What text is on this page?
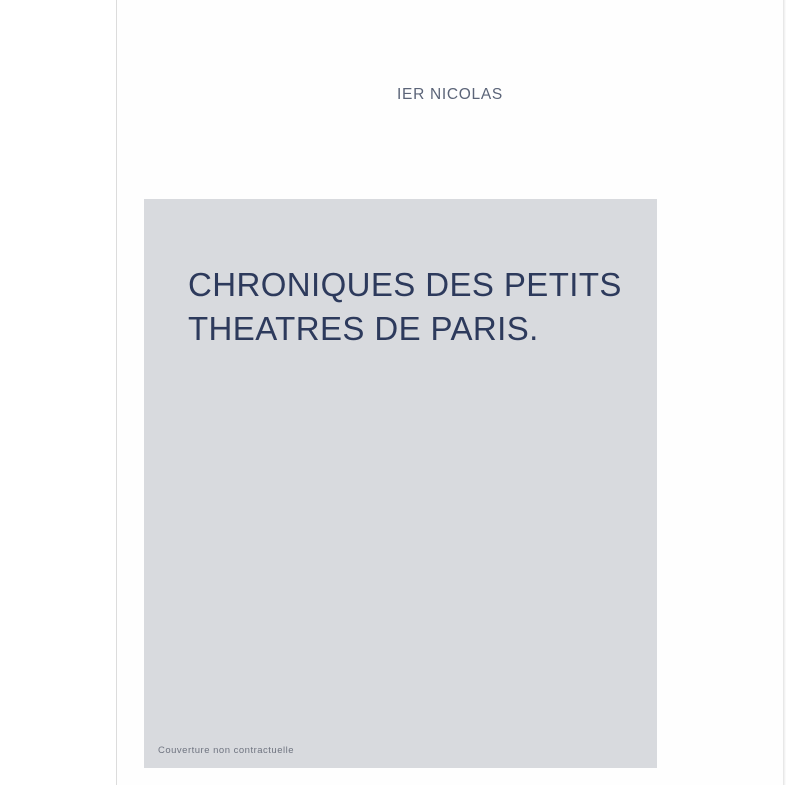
IER NICOLAS
CHRONIQUES DES PETITS
THEATRES DE PARIS.
Couverture non contractuelle
